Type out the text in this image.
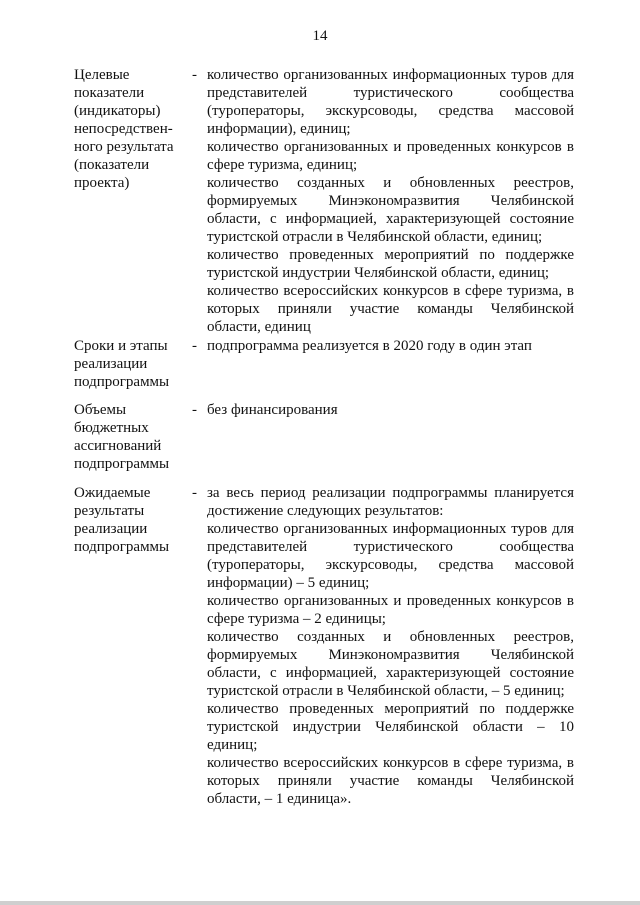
14
Целевые показатели (индикаторы) непосредствен-ного результата (показатели проекта)
- количество организованных информационных туров для представителей туристического сообщества (туроператоры, экскурсоводы, средства массовой информации), единиц;

количество организованных и проведенных конкурсов в сфере туризма, единиц;

количество созданных и обновленных реестров, формируемых Минэкономразвития Челябинской области, с информацией, характеризующей состояние туристской отрасли в Челябинской области, единиц;

количество проведенных мероприятий по поддержке туристской индустрии Челябинской области, единиц;

количество всероссийских конкурсов в сфере туризма, в которых приняли участие команды Челябинской области, единиц

Сроки и этапы реализации подпрограммы
- подпрограмма реализуется в 2020 году в один этап

Объемы бюджетных ассигнований подпрограммы
- без финансирования

Ожидаемые результаты реализации подпрограммы
- за весь период реализации подпрограммы планируется достижение следующих результатов:

количество организованных информационных туров для представителей туристического сообщества (туроператоры, экскурсоводы, средства массовой информации) – 5 единиц;

количество организованных и проведенных конкурсов в сфере туризма – 2 единицы;

количество созданных и обновленных реестров, формируемых Минэкономразвития Челябинской области, с информацией, характеризующей состояние туристской отрасли в Челябинской области, – 5 единиц;

количество проведенных мероприятий по поддержке туристской индустрии Челябинской области – 10 единиц;

количество всероссийских конкурсов в сфере туризма, в которых приняли участие команды Челябинской области, – 1 единица».
